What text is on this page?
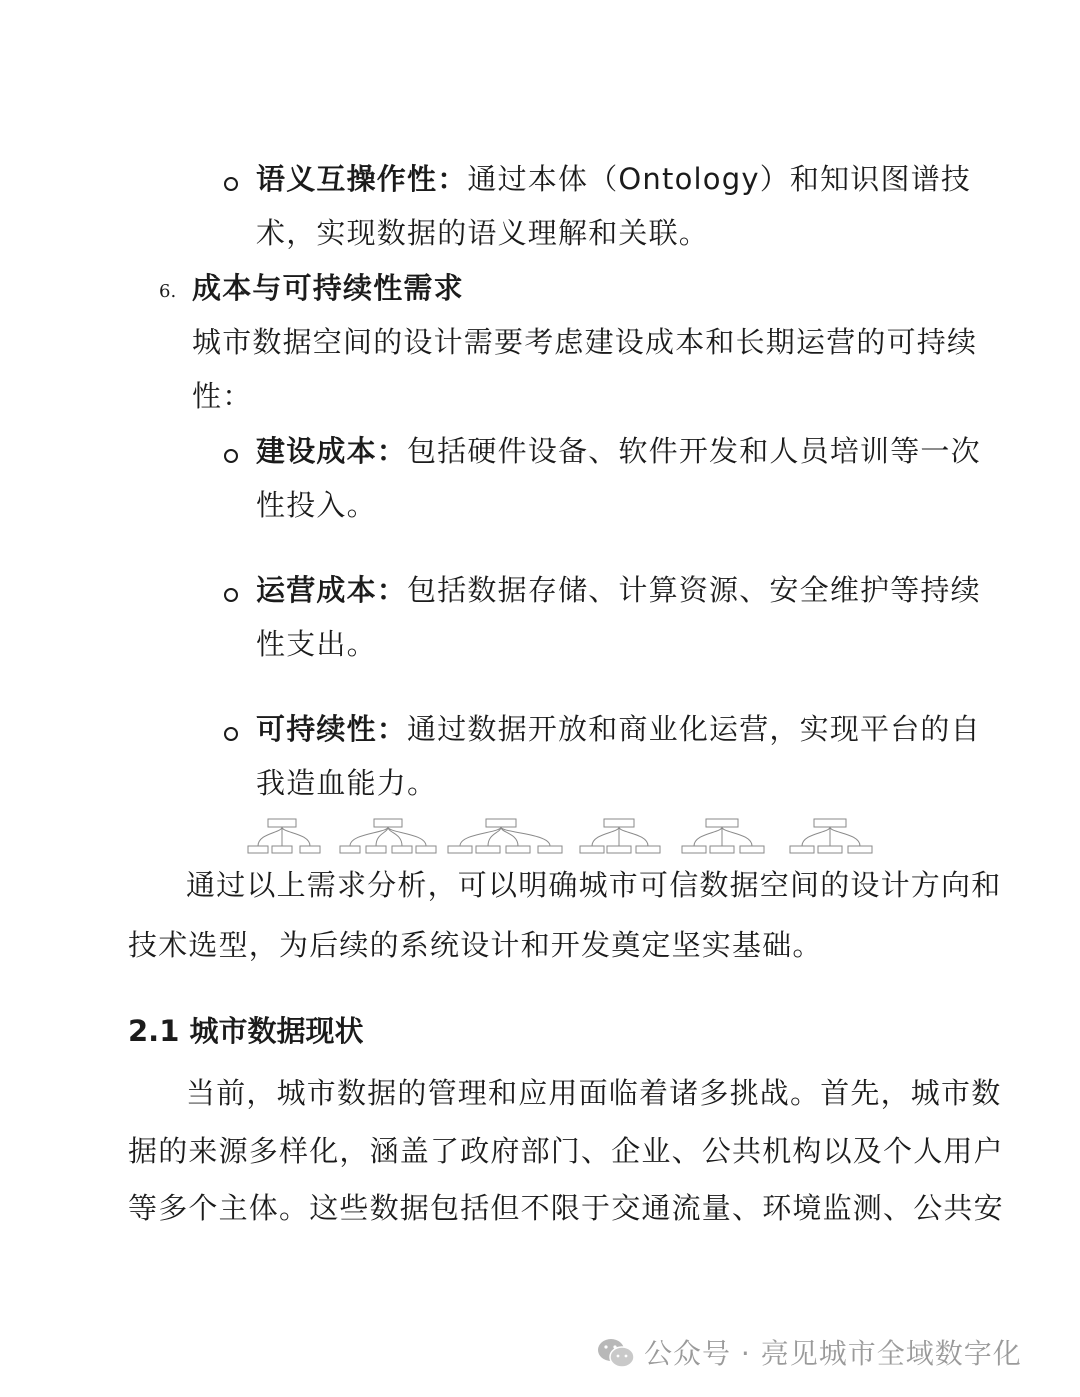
语义互操作性：通过本体（Ontology）和知识图谱技
术，实现数据的语义理解和关联。
6. 成本与可持续性需求
城市数据空间的设计需要考虑建设成本和长期运营的可持续
性：
建设成本：包括硬件设备、软件开发和人员培训等一次
性投入。
运营成本：包括数据存储、计算资源、安全维护等持续
性支出。
可持续性：通过数据开放和商业化运营，实现平台的自
我造血能力。
通过以上需求分析，可以明确城市可信数据空间的设计方向和
技术选型，为后续的系统设计和开发奠定坚实基础。
2.1 城市数据现状
当前，城市数据的管理和应用面临着诸多挑战。首先，城市数
据的来源多样化，涵盖了政府部门、企业、公共机构以及个人用户
等多个主体。这些数据包括但不限于交通流量、环境监测、公共安
公众号 · 亮见城市全域数字化
